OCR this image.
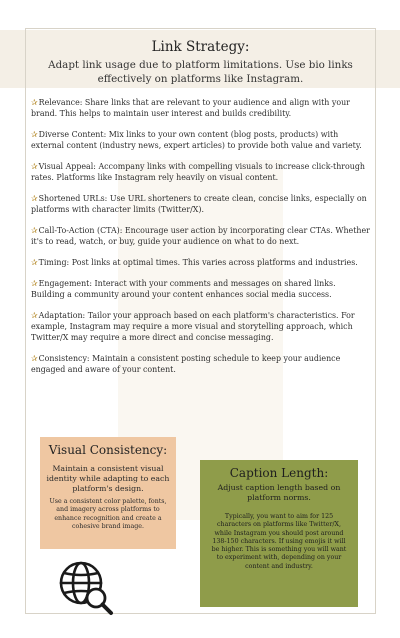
Link Strategy:
Adapt link usage due to platform limitations. Use bio links effectively on platforms like Instagram.

✰Relevance: Share links that are relevant to your audience and align with your brand. This helps to maintain user interest and builds credibility.

✰Diverse Content: Mix links to your own content (blog posts, products) with external content (industry news, expert articles) to provide both value and variety.

✰Visual Appeal: Accompany links with compelling visuals to increase click-through rates. Platforms like Instagram rely heavily on visual content.

✰Shortened URLs: Use URL shorteners to create clean, concise links, especially on platforms with character limits (Twitter/X).

✰Call-To-Action (CTA): Encourage user action by incorporating clear CTAs. Whether it's to read, watch, or buy, guide your audience on what to do next.

✰Timing: Post links at optimal times. This varies across platforms and industries.

✰Engagement: Interact with your comments and messages on shared links. Building a community around your content enhances social media success.

✰Adaptation: Tailor your approach based on each platform's characteristics. For example, Instagram may require a more visual and storytelling approach, which Twitter/X may require a more direct and concise messaging.

✰Consistency: Maintain a consistent posting schedule to keep your audience engaged and aware of your content.

Visual Consistency:
Maintain a consistent visual identity while adapting to each platform's design.
Use a consistent color palette, fonts, and imagery across platforms to enhance recognition and create a cohesive brand image.
Caption Length:
Adjust caption length based on platform norms.
Typically, you want to aim for 125 characters on platforms like Twitter/X, while Instagram you should post around 138-150 characters. If using emojis it will be higher. This is something you will want to experiment with, depending on your content and industry.
